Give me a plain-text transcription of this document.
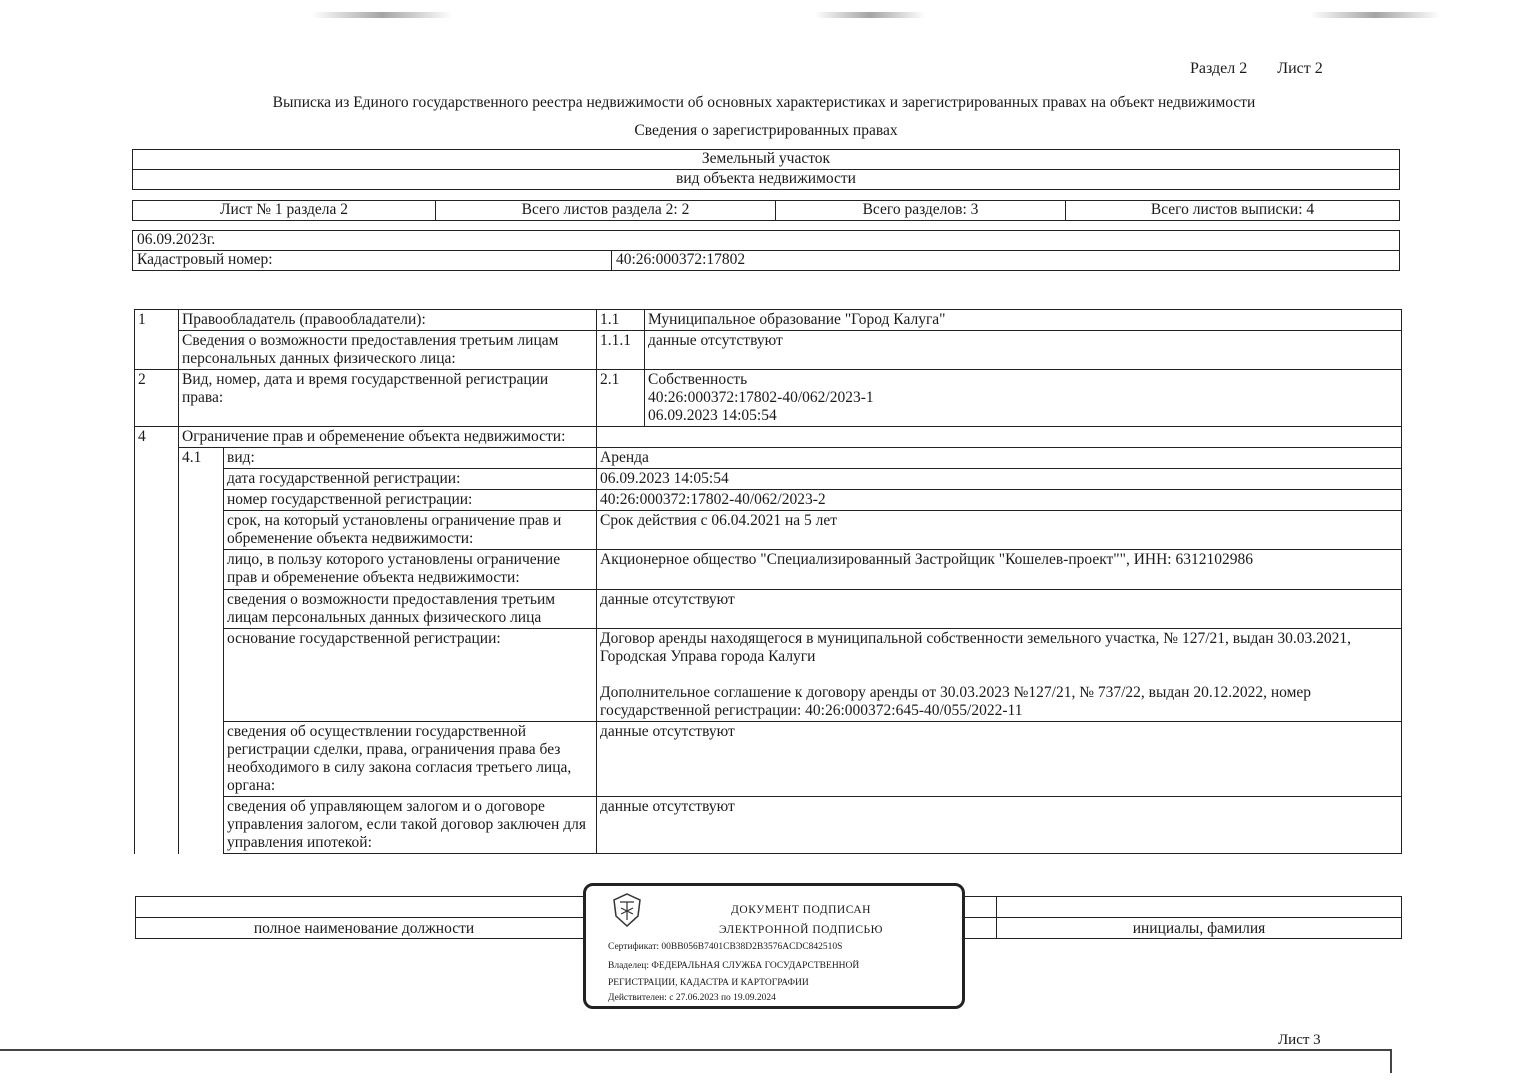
Раздел 2 Лист 2
Выписка из Единого государственного реестра недвижимости об основных характеристиках и зарегистрированных правах на объект недвижимости
Сведения о зарегистрированных правах
Земельный участок
вид объекта недвижимости
Лист № 1 раздела 2	Всего листов раздела 2: 2	Всего разделов: 3	Всего листов выписки: 4
06.09.2023г.
Кадастровый номер:	40:26:000372:17802
1	Правообладатель (правообладатели):		1.1	Муниципальное образование "Город Калуга"
	Сведения о возможности предоставления третьим лицам персональных данных физического лица:		1.1.1	данные отсутствуют
2	Вид, номер, дата и время государственной регистрации права:		2.1	Собственность
40:26:000372:17802-40/062/2023-1
06.09.2023 14:05:54

4	Ограничение прав и обременение объекта недвижимости:			
	4.1	вид:	Аренда	
		дата государственной регистрации:	06.09.2023 14:05:54	
		номер государственной регистрации:	40:26:000372:17802-40/062/2023-2	
		срок, на который установлены ограничение прав и обременение объекта недвижимости:	Срок действия с 06.04.2021 на 5 лет	
		лицо, в пользу которого установлены ограничение прав и обременение объекта недвижимости:	Акционерное общество "Специализированный Застройщик "Кошелев-проект"", ИНН: 6312102986	
		сведения о возможности предоставления третьим лицам персональных данных физического лица	данные отсутствуют	
		основание государственной регистрации:	Договор аренды находящегося в муниципальной собственности земельного участка, № 127/21, выдан 30.03.2021, Городская Управа города Калуги
Дополнительное соглашение к договору аренды от 30.03.2023 №127/21, № 737/22, выдан 20.12.2022, номер государственной регистрации: 40:26:000372:645-40/055/2022-11	

		сведения об осуществлении государственной регистрации сделки, права, ограничения права без необходимого в силу закона согласия третьего лица, органа:	данные отсутствуют	
		сведения об управляющем залогом и о договоре управления залогом, если такой договор заключен для управления ипотекой:	данные отсутствуют	

полное наименование должности		инициалы, фамилия
ДОКУМЕНТ ПОДПИСАН
ЭЛЕКТРОННОЙ ПОДПИСЬЮ
Сертификат: 00BB056B7401CB38D2B3576ACDC842510S
Владелец: ФЕДЕРАЛЬНАЯ СЛУЖБА ГОСУДАРСТВЕННОЙ
РЕГИСТРАЦИИ, КАДАСТРА И КАРТОГРАФИИ
Действителен: с 27.06.2023 по 19.09.2024
Лист 3
